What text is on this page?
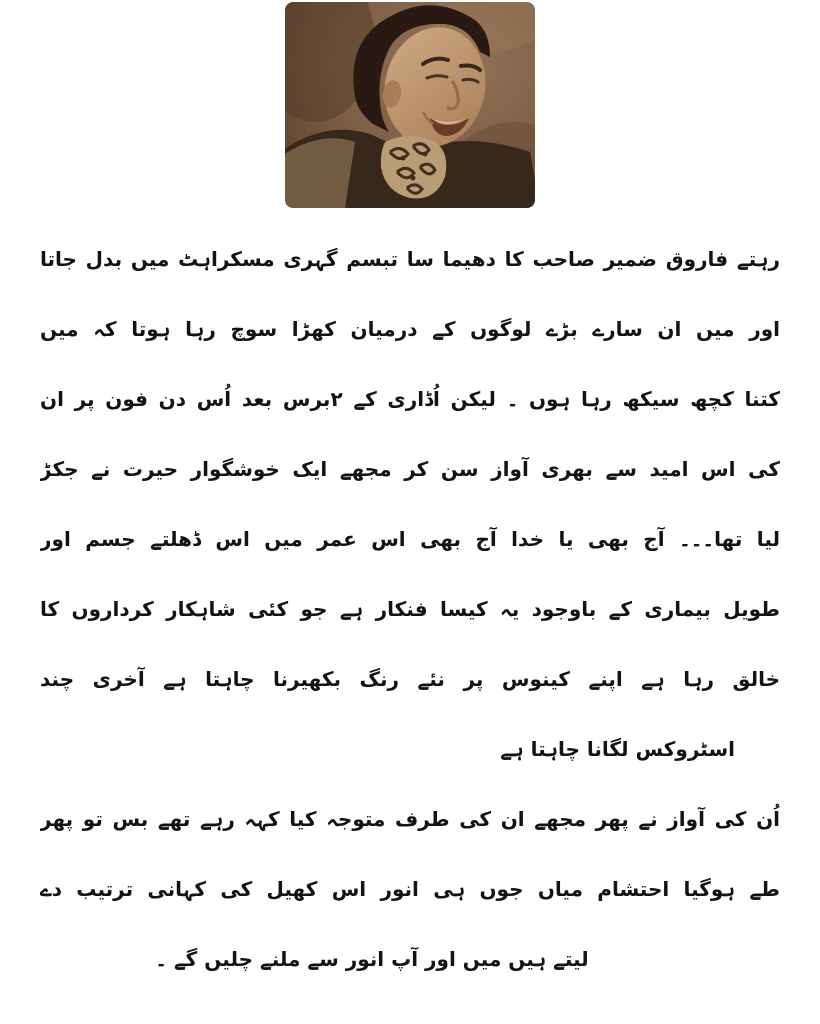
رہتے فاروق ضمیر صاحب کا دھیما سا تبسم گہری مسکراہٹ میں بدل جاتا
اور میں ان سارے بڑے لوگوں کے درمیان کھڑا سوچ رہا ہوتا کہ میں
کتنا کچھ سیکھ رہا ہوں ۔ لیکن اُڈاری کے ۲برس بعد اُس دن فون پر ان
کی اس امید سے بھری آواز سن کر مجھے ایک خوشگوار حیرت نے جکڑ
لیا تھا۔۔۔ آج بھی یا خدا آج بھی اس عمر میں اس ڈھلتے جسم اور
طویل بیماری کے باوجود یہ کیسا فنکار ہے جو کئی شاہکار کرداروں کا
خالق رہا ہے اپنے کینوس پر نئے رنگ بکھیرنا چاہتا ہے آخری چند
اسٹروکس لگانا چاہتا ہے
اُن کی آواز نے پھر مجھے ان کی طرف متوجہ کیا کہہ رہے تھے بس تو پھر
طے ہوگیا احتشام میاں جوں ہی انور اس کھیل کی کہانی ترتیب دے
لیتے ہیں میں اور آپ انور سے ملنے چلیں گے ۔
